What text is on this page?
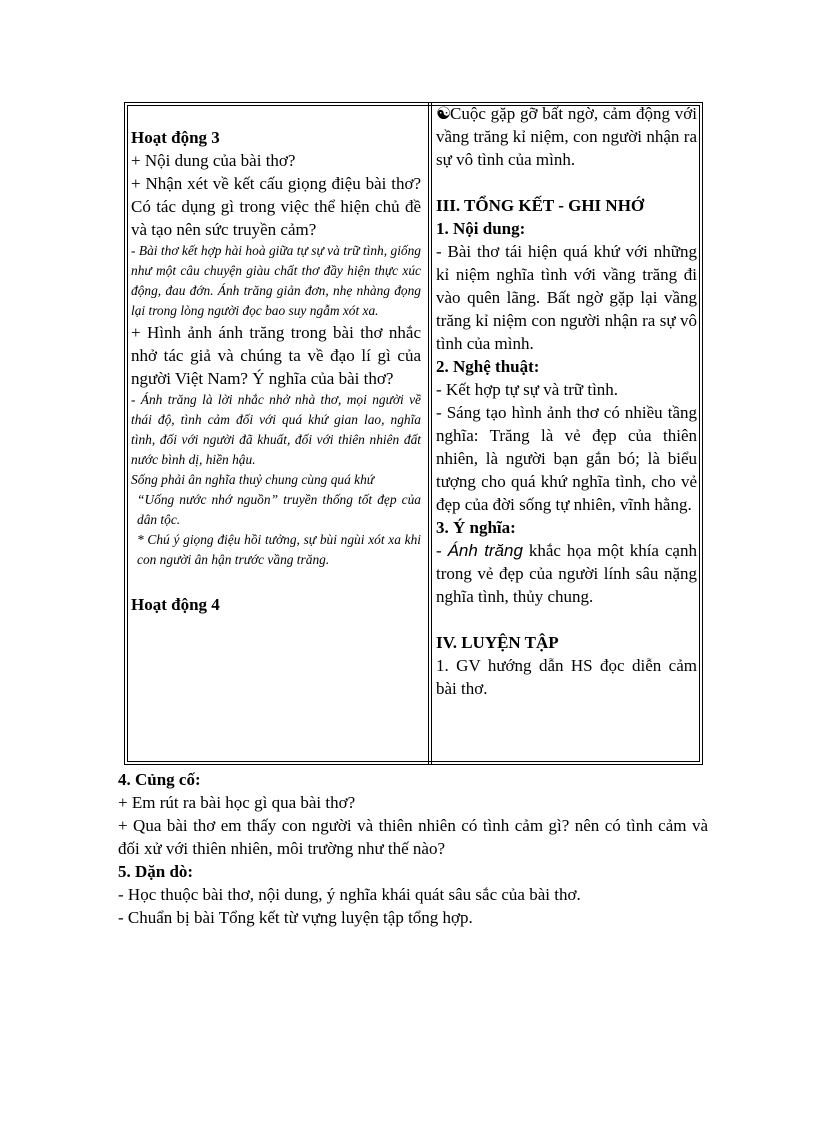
Hoạt động 3

+ Nội dung của bài thơ?

+ Nhận xét về kết cấu giọng điệu bài thơ? Có tác dụng gì trong việc thể hiện chủ đề và tạo nên sức truyền cảm?

- Bài thơ kết hợp hài hoà giữa tự sự và trữ tình, giống như một câu chuyện giàu chất thơ đầy hiện thực xúc động, đau đớn. Ánh trăng giản đơn, nhẹ nhàng đọng lại trong lòng người đọc bao suy ngẫm xót xa.

+ Hình ảnh ánh trăng trong bài thơ nhắc nhở tác giả và chúng ta về đạo lí gì của người Việt Nam? Ý nghĩa của bài thơ?

- Ánh trăng là lời nhắc nhở nhà thơ, mọi người về thái độ, tình cảm đối với quá khứ gian lao, nghĩa tình, đối với người đã khuất, đối với thiên nhiên đất nước bình dị, hiền hậu.

Sống phải ân nghĩa thuỷ chung cùng quá khứ

“Uống nước nhớ nguồn” truyền thống tốt đẹp của dân tộc.

* Chú ý giọng điệu hồi tưởng, sự bùi ngùi xót xa khi con người ân hận trước vầng trăng.

Hoạt động 4

☯Cuộc gặp gỡ bất ngờ, cảm động với vầng trăng kỉ niệm, con người nhận ra sự vô tình của mình.

III. TỔNG KẾT - GHI NHỚ

1. Nội dung:

- Bài thơ tái hiện quá khứ với những kỉ niệm nghĩa tình với vầng trăng đi vào quên lãng. Bất ngờ gặp lại vầng trăng kỉ niệm con người nhận ra sự vô tình của mình.

2. Nghệ thuật:

- Kết hợp tự sự và trữ tình.

- Sáng tạo hình ảnh thơ có nhiều tầng nghĩa: Trăng là vẻ đẹp của thiên nhiên, là người bạn gắn bó; là biểu tượng cho quá khứ nghĩa tình, cho vẻ đẹp của đời sống tự nhiên, vĩnh hằng.

3. Ý nghĩa:

- Ánh trăng khắc họa một khía cạnh trong vẻ đẹp của người lính sâu nặng nghĩa tình, thủy chung.

IV. LUYỆN TẬP

1. GV hướng dẫn HS đọc diễn cảm bài thơ.

4. Củng cố:

+ Em rút ra bài học gì qua bài thơ?

+ Qua bài thơ em thấy con người và thiên nhiên có tình cảm gì? nên có tình cảm và đối xử với thiên nhiên, môi trường như thế nào?

5. Dặn dò:

- Học thuộc bài thơ, nội dung, ý nghĩa khái quát sâu sắc của bài thơ.

- Chuẩn bị bài Tổng kết từ vựng luyện tập tổng hợp.
